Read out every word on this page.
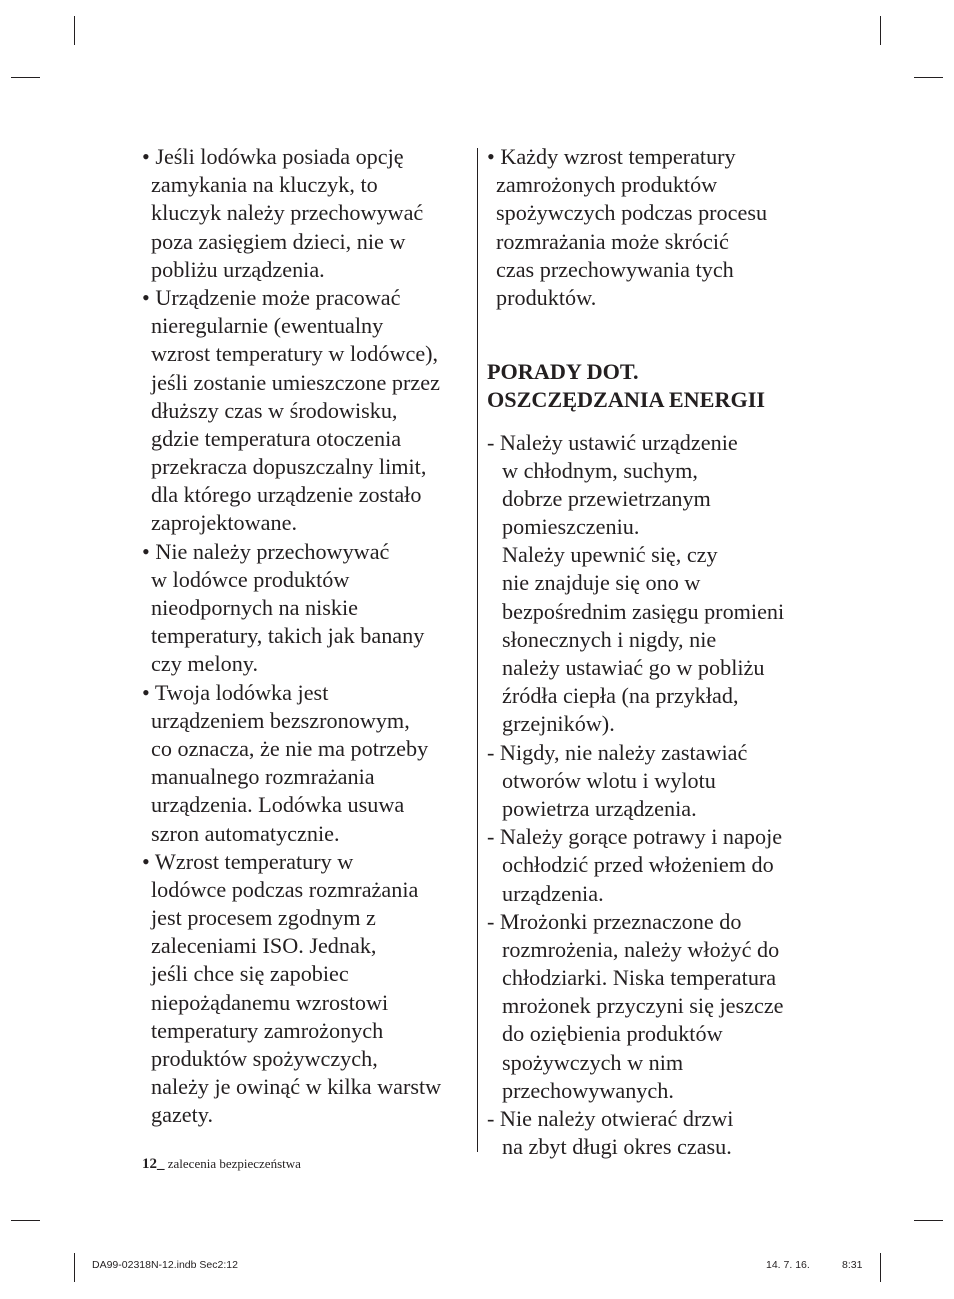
• Jeśli lodówka posiada opcję
zamykania na kluczyk, to
kluczyk należy przechowywać
poza zasięgiem dzieci, nie w
pobliżu urządzenia.
• Urządzenie może pracować
nieregularnie (ewentualny
wzrost temperatury w lodówce),
jeśli zostanie umieszczone przez
dłuższy czas w środowisku,
gdzie temperatura otoczenia
przekracza dopuszczalny limit,
dla którego urządzenie zostało
zaprojektowane.
• Nie należy przechowywać
w lodówce produktów
nieodpornych na niskie
temperatury, takich jak banany
czy melony.
• Twoja lodówka jest
urządzeniem bezszronowym,
co oznacza, że nie ma potrzeby
manualnego rozmrażania
urządzenia. Lodówka usuwa
szron automatycznie.
• Wzrost temperatury w
lodówce podczas rozmrażania
jest procesem zgodnym z
zaleceniami ISO. Jednak,
jeśli chce się zapobiec
niepożądanemu wzrostowi
temperatury zamrożonych
produktów spożywczych,
należy je owinąć w kilka warstw
gazety.
• Każdy wzrost temperatury
zamrożonych produktów
spożywczych podczas procesu
rozmrażania może skrócić
czas przechowywania tych
produktów.
PORADY DOT.
OSZCZĘDZANIA ENERGII
- Należy ustawić urządzenie
w chłodnym, suchym,
dobrze przewietrzanym
pomieszczeniu.
Należy upewnić się, czy
nie znajduje się ono w
bezpośrednim zasięgu promieni
słonecznych i nigdy, nie
należy ustawiać go w pobliżu
źródła ciepła (na przykład,
grzejników).
- Nigdy, nie należy zastawiać
otworów wlotu i wylotu
powietrza urządzenia.
- Należy gorące potrawy i napoje
ochłodzić przed włożeniem do
urządzenia.
- Mrożonki przeznaczone do
rozmrożenia, należy włożyć do
chłodziarki. Niska temperatura
mrożonek przyczyni się jeszcze
do oziębienia produktów
spożywczych w nim
przechowywanych.
- Nie należy otwierać drzwi
na zbyt długi okres czasu.
12_ zalecenia bezpieczeństwa
DA99-02318N-12.indb Sec2:12	14. 7. 16.	8:31
